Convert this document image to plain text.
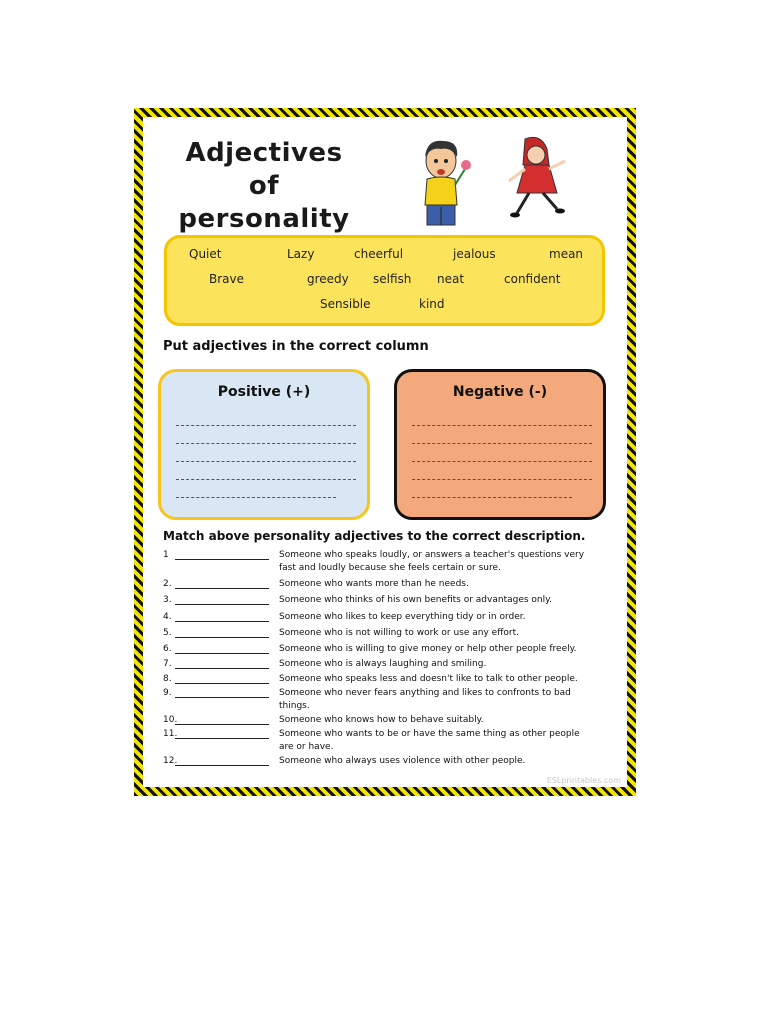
Adjectives
of
personality
Quiet	Lazy	cheerful	jealous	mean
Brave	greedy selfish neat	confident
Sensible	kind
Put adjectives in the correct column
Positive (+)	Negative (-)
Match above personality adjectives to the correct description.
1	Someone who speaks loudly, or answers a teacher's questions very fast and loudly because she feels certain or sure.
2.	Someone who wants more than he needs.
3.	Someone who thinks of his own benefits or advantages only.
4.	Someone who likes to keep everything tidy or in order.
5.	Someone who is not willing to work or use any effort.
6.	Someone who is willing to give money or help other people freely.
7.	Someone who is always laughing and smiling.
8.	Someone who speaks less and doesn't like to talk to other people.
9.	Someone who never fears anything and likes to confronts to bad things.
10.	Someone who knows how to behave suitably.
11.	Someone who wants to be or have the same thing as other people are or have.
12.	Someone who always uses violence with other people.
ESLprintables.com
